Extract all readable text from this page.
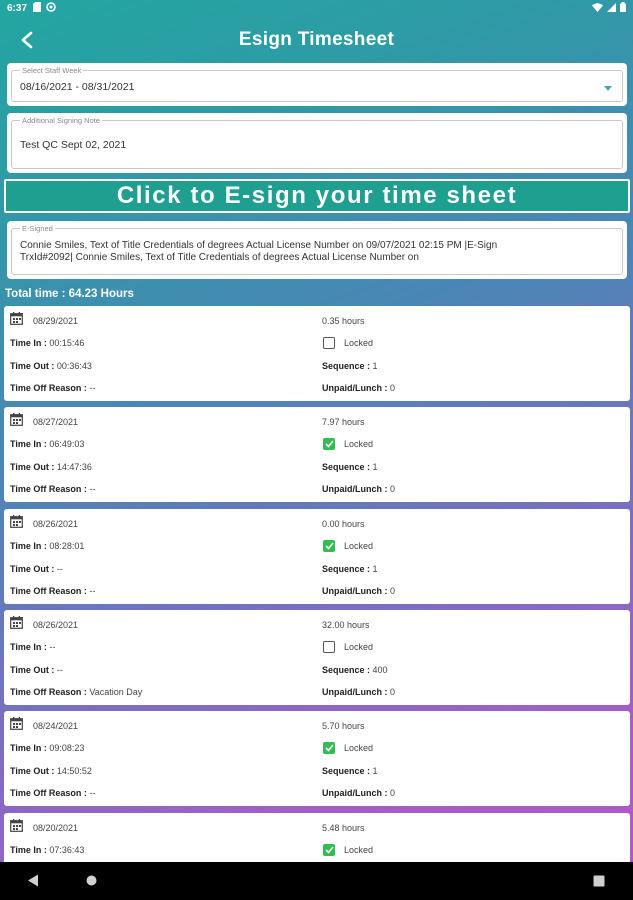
6:37
Esign Timesheet
Select Staff Week
08/16/2021 - 08/31/2021
Additional Signing Note
Test QC Sept 02, 2021
Click to E-sign your time sheet
E-Signed
Connie Smiles, Text of Title Credentials of degrees Actual License Number on 09/07/2021 02:15 PM |E-Sign
TrxId#2092| Connie Smiles, Text of Title Credentials of degrees Actual License Number on
Total time : 64.23 Hours
08/29/2021	0.35 hours
Time In : 00:15:46	Locked
Time Out : 00:36:43	Sequence : 1
Time Off Reason : --	Unpaid/Lunch : 0
08/27/2021	7.97 hours
Time In : 06:49:03	Locked
Time Out : 14:47:36	Sequence : 1
Time Off Reason : --	Unpaid/Lunch : 0
08/26/2021	0.00 hours
Time In : 08:28:01	Locked
Time Out : --	Sequence : 1
Time Off Reason : --	Unpaid/Lunch : 0
08/26/2021	32.00 hours
Time In : --	Locked
Time Out : --	Sequence : 400
Time Off Reason : Vacation Day	Unpaid/Lunch : 0
08/24/2021	5.70 hours
Time In : 09:08:23	Locked
Time Out : 14:50:52	Sequence : 1
Time Off Reason : --	Unpaid/Lunch : 0
08/20/2021	5.48 hours
Time In : 07:36:43	Locked
